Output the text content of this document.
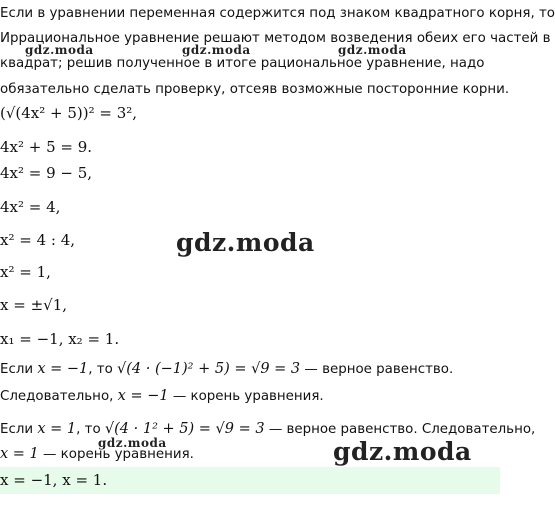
Если в уравнении переменная содержится под знаком квадратного корня, то
Иррациональное уравнение решают методом возведения обеих его частей в
квадрат; решив полученное в итоге рациональное уравнение, надо
обязательно сделать проверку, отсеяв возможные посторонние корни.
(√(4x² + 5))² = 3²,
4x² + 5 = 9.
4x² = 9 − 5,
4x² = 4,
x² = 4 : 4,
x² = 1,
x = ±√1,
x₁ = −1, x₂ = 1.
Если x = −1, то √(4 · (−1)² + 5) = √9 = 3 — верное равенство.
Следовательно, x = −1 — корень уравнения.
Если x = 1, то √(4 · 1² + 5) = √9 = 3 — верное равенство. Следовательно,
x = 1 — корень уравнения.
x = −1, x = 1.
gdz.moda	gdz.moda	gdz.moda
gdz.moda
gdz.moda	gdz.moda
